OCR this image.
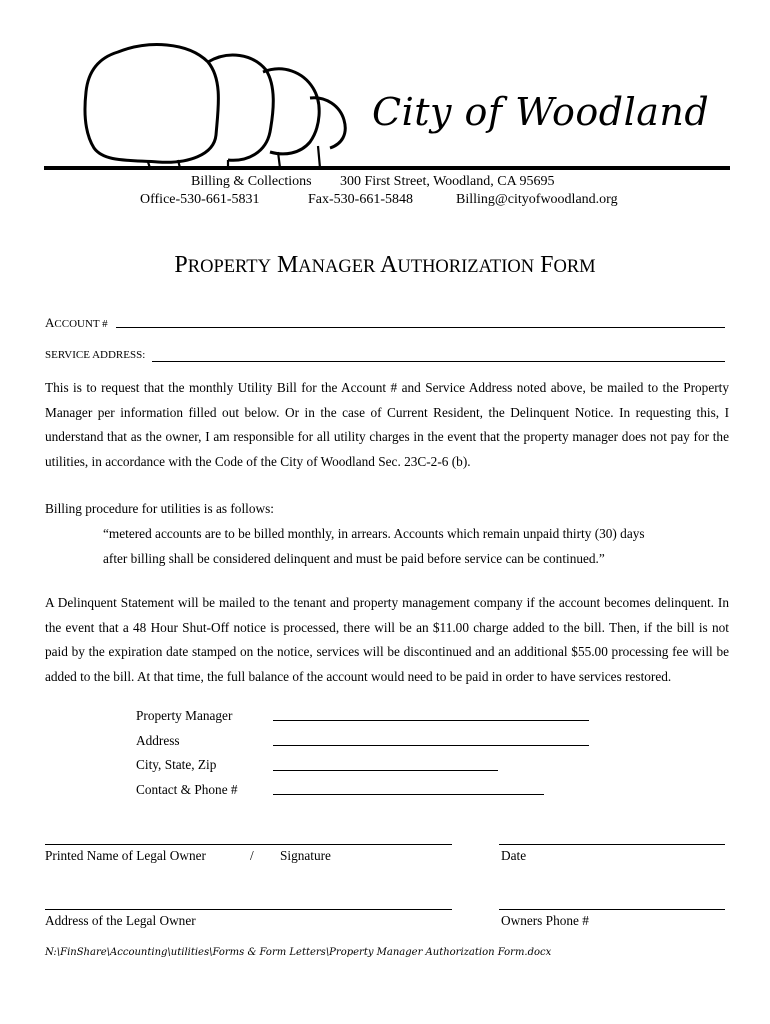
City of Woodland
Billing & Collections 300 First Street, Woodland, CA 95695
Office-530-661-5831	Fax-530-661-5848	Billing@cityofwoodland.org
PROPERTY MANAGER AUTHORIZATION FORM
ACCOUNT #
SERVICE ADDRESS:
This is to request that the monthly Utility Bill for the Account # and Service Address noted above, be mailed to the Property Manager per information filled out below. Or in the case of Current Resident, the Delinquent Notice. In requesting this, I understand that as the owner, I am responsible for all utility charges in the event that the property manager does not pay for the utilities, in accordance with the Code of the City of Woodland Sec. 23C-2-6 (b).
Billing procedure for utilities is as follows:
“metered accounts are to be billed monthly, in arrears. Accounts which remain unpaid thirty (30) days
after billing shall be considered delinquent and must be paid before service can be continued.”
A Delinquent Statement will be mailed to the tenant and property management company if the account becomes delinquent. In the event that a 48 Hour Shut-Off notice is processed, there will be an $11.00 charge added to the bill. Then, if the bill is not paid by the expiration date stamped on the notice, services will be discontinued and an additional $55.00 processing fee will be added to the bill. At that time, the full balance of the account would need to be paid in order to have services restored.
Property Manager
Address
City, State, Zip
Contact & Phone #
Printed Name of Legal Owner	/ Signature	Date
Address of the Legal Owner	Owners Phone #
N:\FinShare\Accounting\utilities\Forms & Form Letters\Property Manager Authorization Form.docx
